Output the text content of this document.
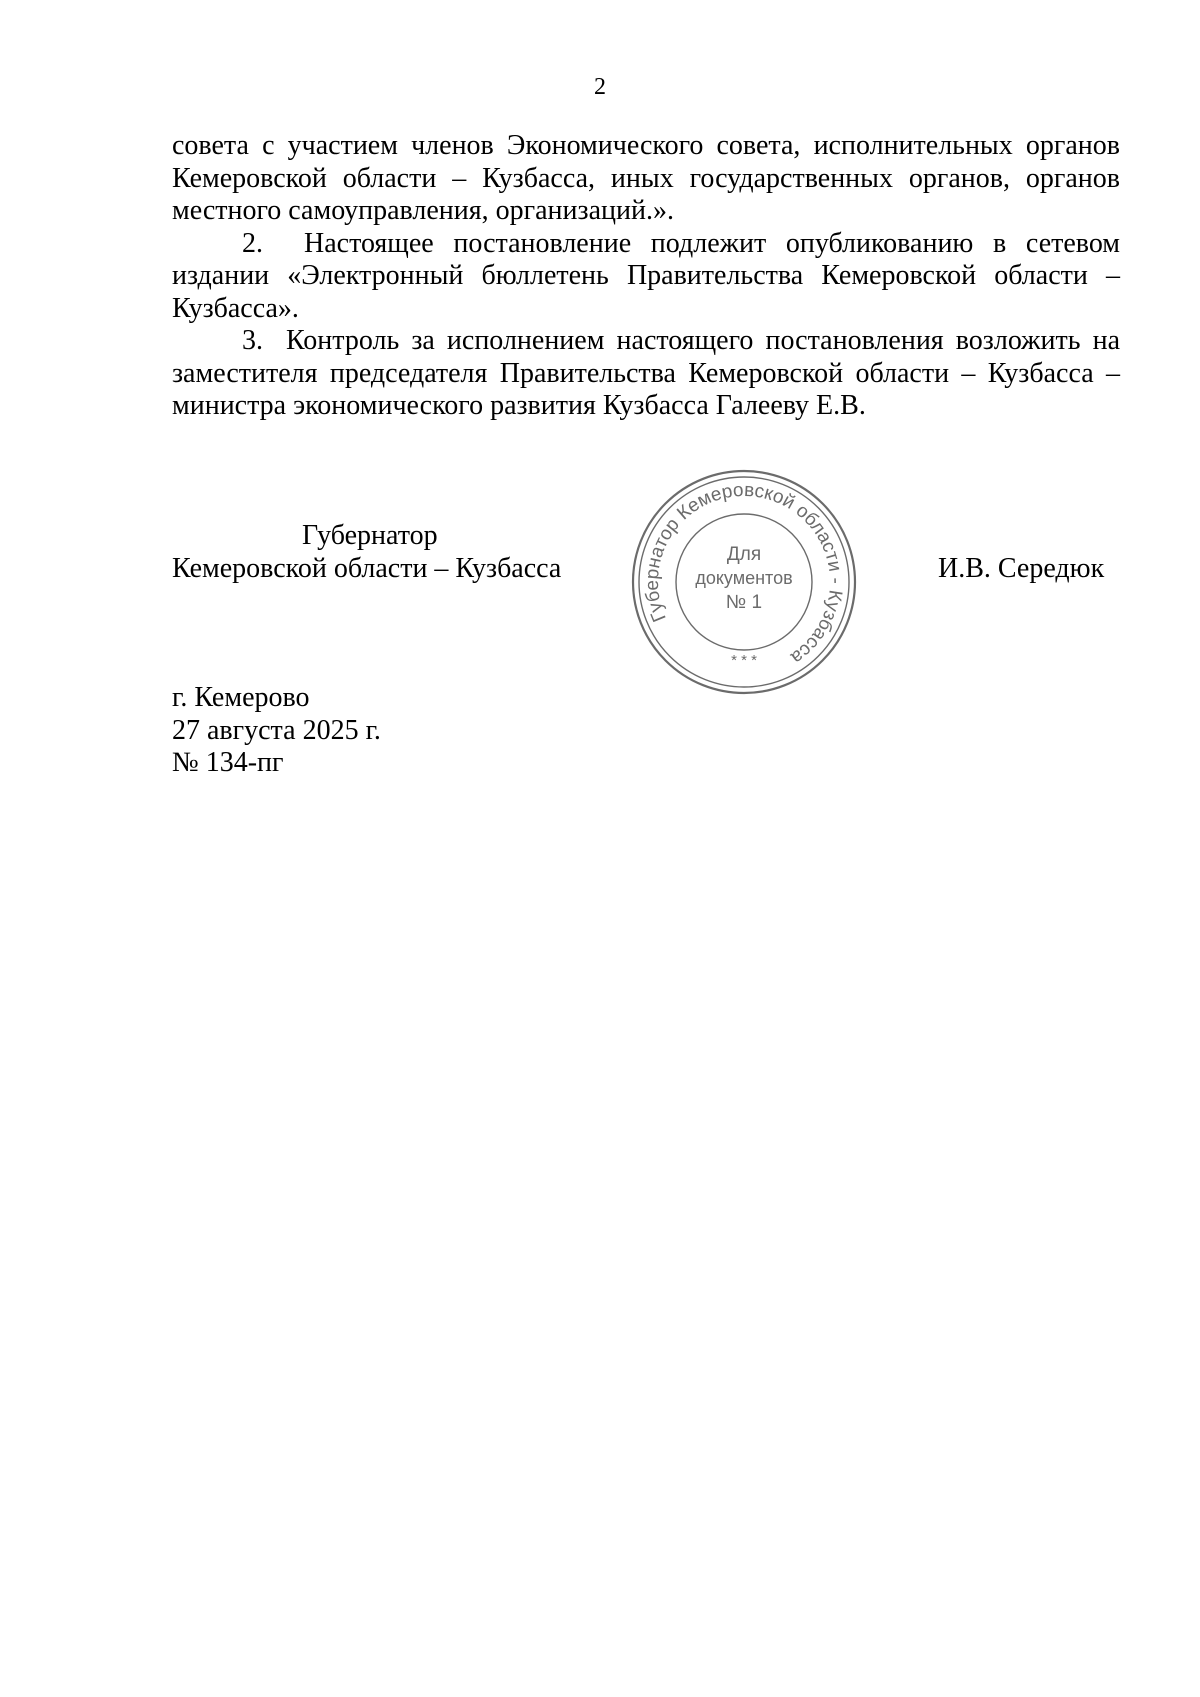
2

совета с участием членов Экономического совета, исполнительных органов Кемеровской области – Кузбасса, иных государственных органов, органов местного самоуправления, организаций.».

2. Настоящее постановление подлежит опубликованию в сетевом издании «Электронный бюллетень Правительства Кемеровской области – Кузбасса».

3. Контроль за исполнением настоящего постановления возложить на заместителя председателя Правительства Кемеровской области – Кузбасса – министра экономического развития Кузбасса Галееву Е.В.

Губернатор
Кемеровской области – Кузбасса	И.В. Середюк
Губернатор Кемеровской области - Кузбасса
Для
документов
№ 1
* * *
г. Кемерово
27 августа 2025 г.
№ 134-пг
